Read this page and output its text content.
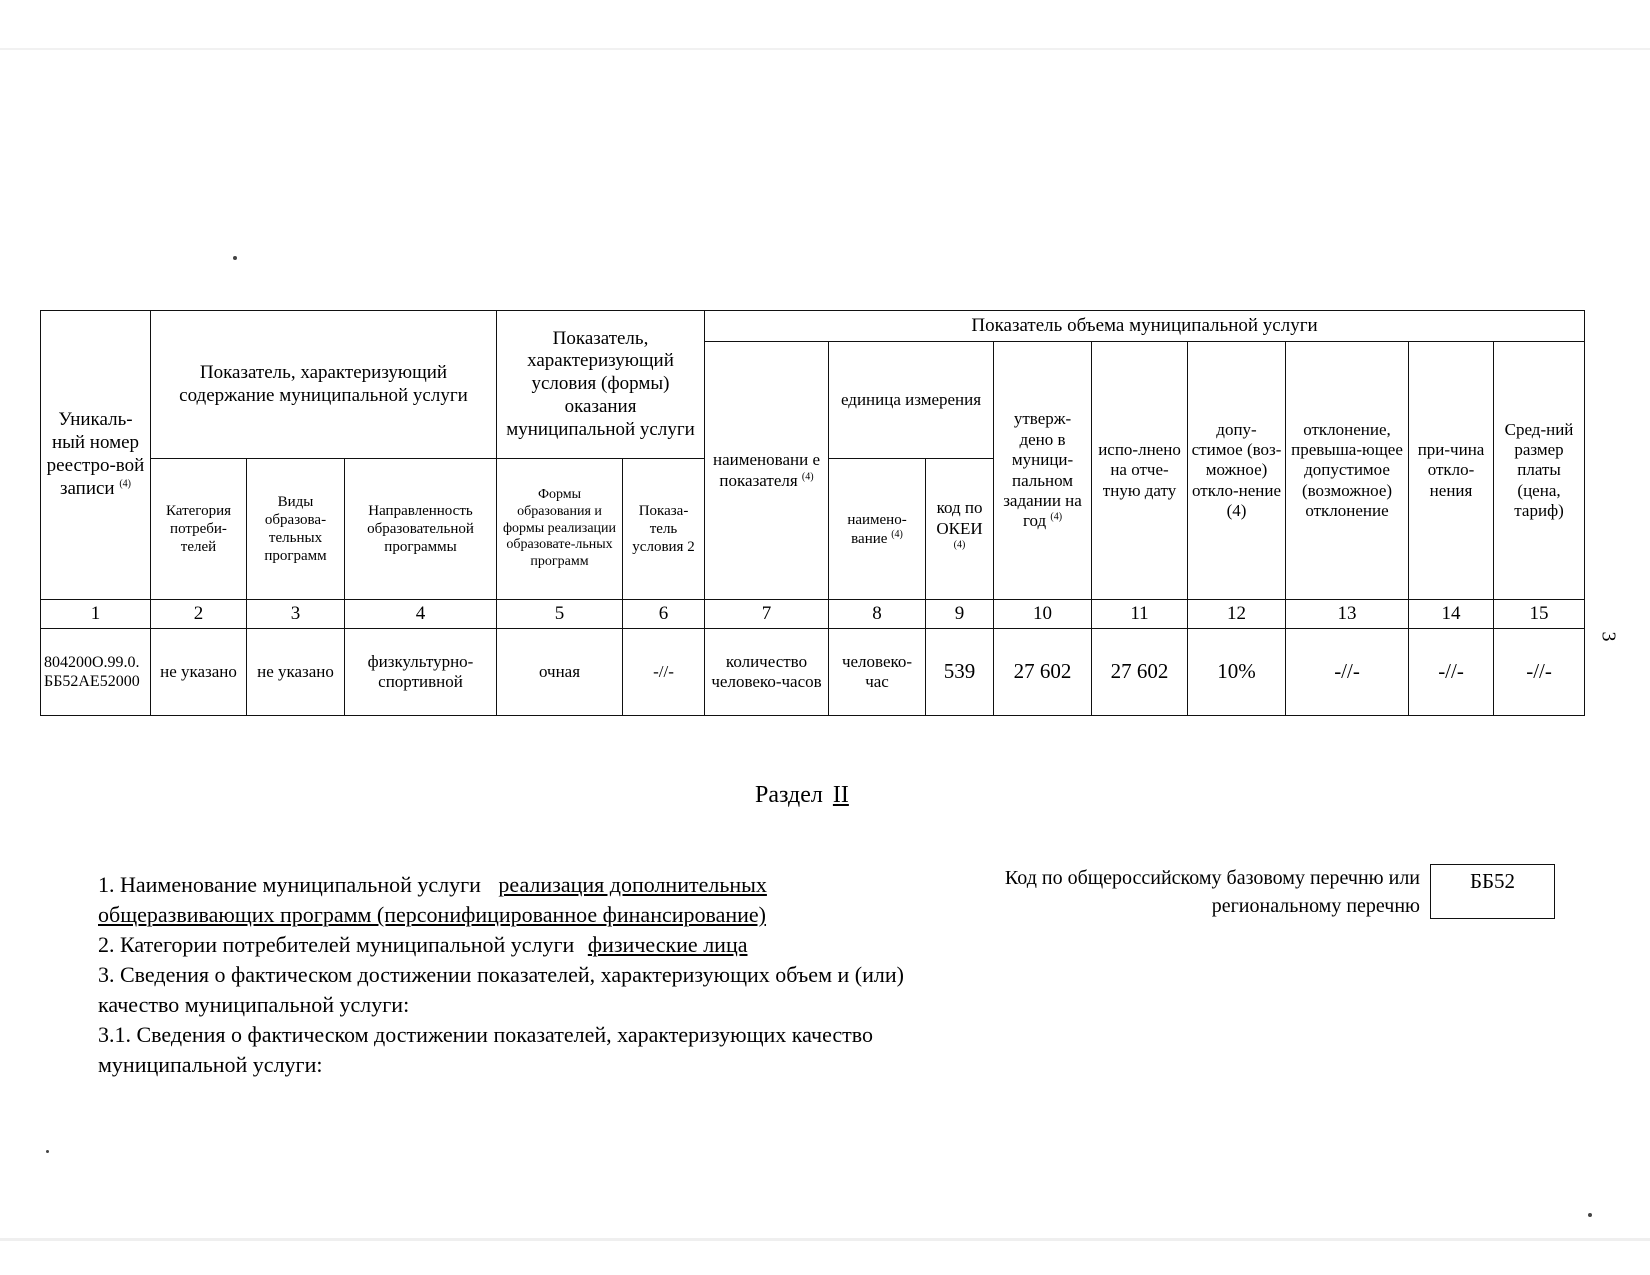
Уникаль-ный номер реестро-вой записи $^{(4)}$	Показатель, характеризующий содержание муниципальной услуги			Показатель, характеризующий условия (формы) оказания муниципальной услуги		Показатель объема муниципальной услуги								
						наименовани е показателя $^{(4)}$	единица измерения		утверж-дено в муници-пальном задании на год $^{(4)}$	испо-лнено на отче-тную дату	допу-стимое (воз-можное) откло-нение (4)	отклонение, превыша-ющее допустимое (возможное) отклонение	при-чина откло-нения	Сред-ний размер платы (цена, тариф)
	Категория потреби-телей	Виды образова-тельных программ	Направленность образовательной программы	Формы образования и формы реализации образовате-льных программ	Показа-тель условия 2		наимено-вание $^{(4)}$	код по ОКЕИ
$^{(4)}$
1	2	3	4	5	6	7	8	9	10	11	12	13	14	15
804200О.99.0.ББ52АЕ52000	не указано	не указано	физкультурно-спортивной	очная	-//-	количество человеко-часов	человеко-час	539	27 602	27 602	10%	-//-	-//-	-//-
Раздел II

1. Наименование муниципальной услуги реализация дополнительных

общеразвивающих программ (персонифицированное финансирование)

2. Категории потребителей муниципальной услуги физические лица

3. Сведения о фактическом достижении показателей, характеризующих объем и (или) качество муниципальной услуги:

3.1. Сведения о фактическом достижении показателей, характеризующих качество муниципальной услуги:

Код по общероссийскому базовому перечню или региональному перечню
ББ52
3
